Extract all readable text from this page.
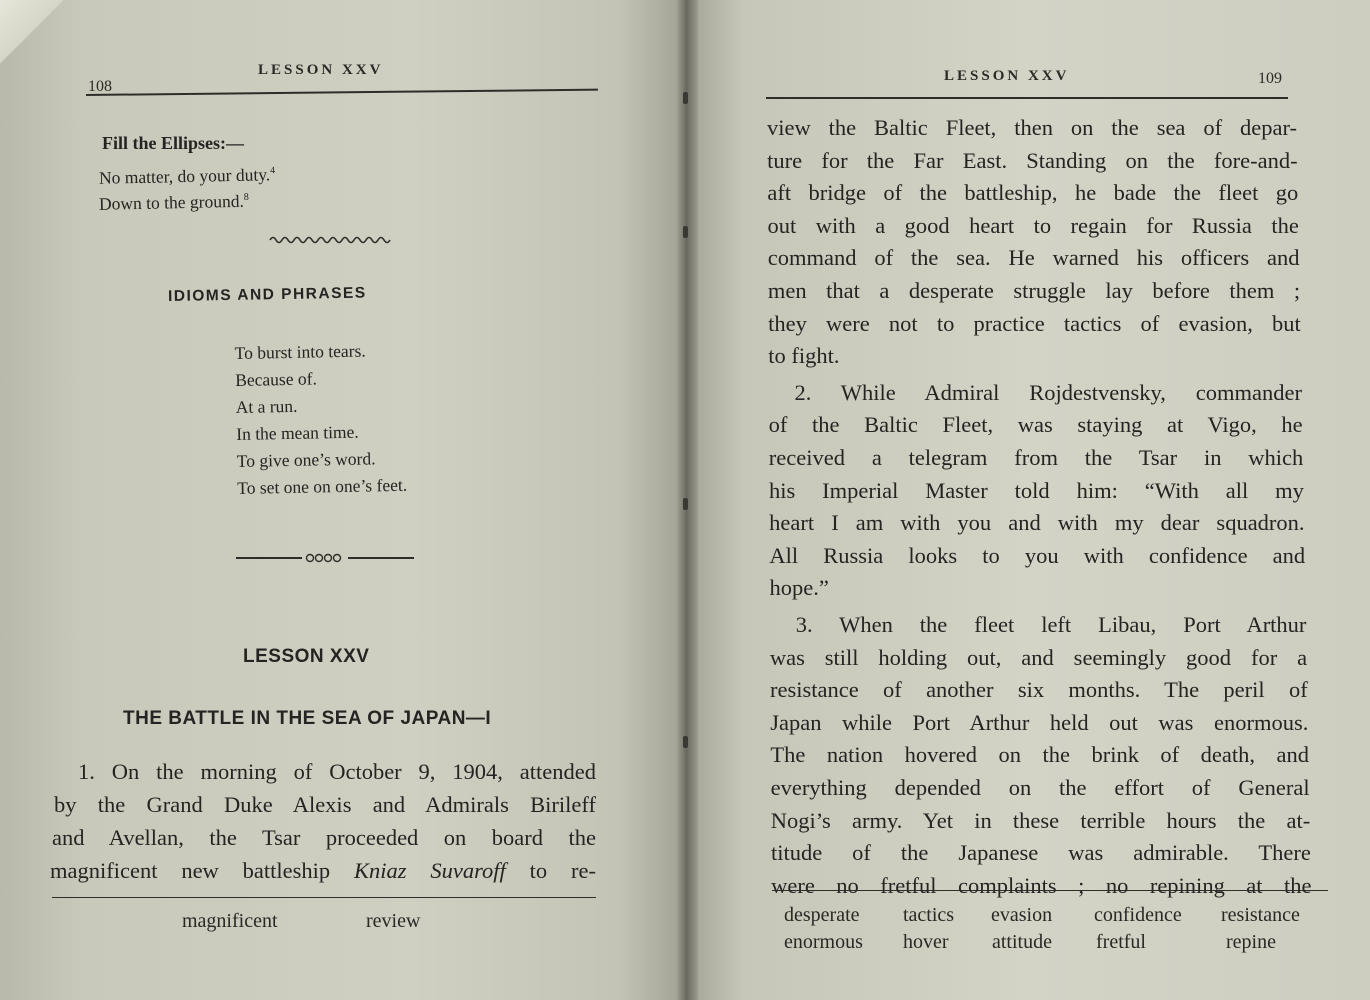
108
LESSON XXV
Fill the Ellipses:—
No matter, do your duty.$^4$
Down to the ground.$^8$
IDIOMS AND PHRASES
To burst into tears.
Because of.
At a run.
In the mean time.
To give one’s word.
To set one on one’s feet.
LESSON XXV
THE BATTLE IN THE SEA OF JAPAN—I
1. On the morning of October 9, 1904, attended
by the Grand Duke Alexis and Admirals Birileff
and Avellan, the Tsar proceeded on board the
magnificent new battleship Kniaz Suvaroff to re-
magnificent	review
LESSON XXV	109
view the Baltic Fleet, then on the sea of depar-
ture for the Far East. Standing on the fore-and-
aft bridge of the battleship, he bade the fleet go
out with a good heart to regain for Russia the
command of the sea. He warned his officers and
men that a desperate struggle lay before them ;
they were not to practice tactics of evasion, but
to fight.
2. While Admiral Rojdestvensky, commander
of the Baltic Fleet, was staying at Vigo, he
received a telegram from the Tsar in which
his Imperial Master told him: “With all my
heart I am with you and with my dear squadron.
All Russia looks to you with confidence and
hope.”
3. When the fleet left Libau, Port Arthur
was still holding out, and seemingly good for a
resistance of another six months. The peril of
Japan while Port Arthur held out was enormous.
The nation hovered on the brink of death, and
everything depended on the effort of General
Nogi’s army. Yet in these terrible hours the at-
titude of the Japanese was admirable. There
were no fretful complaints ; no repining at the
desperate tactics evasion confidence resistance
enormous hover attitude fretful	repine
